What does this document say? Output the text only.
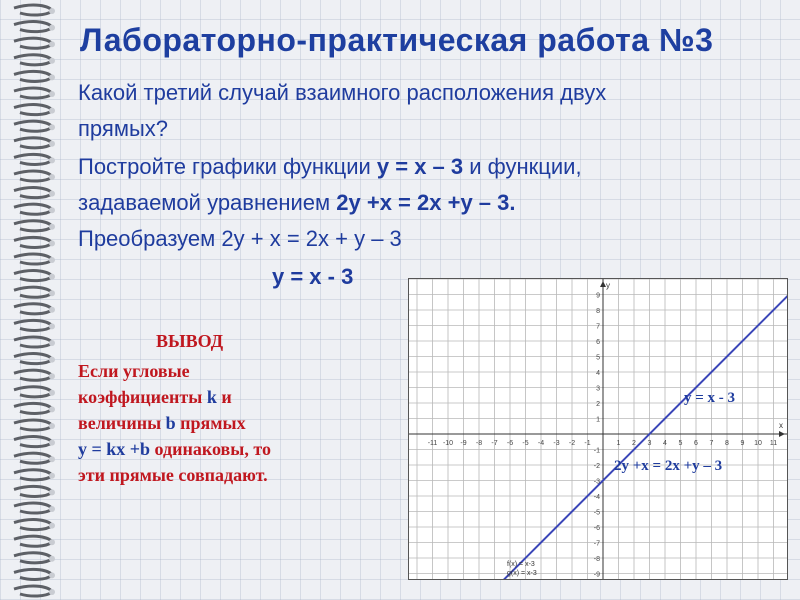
Лабораторно-практическая работа №3

Какой третий случай взаимного расположения двух

прямых?

Постройте графики функции у = х – 3 и функции,

задаваемой уравнением 2у +х = 2х +у – 3.

Преобразуем 2у + х = 2х + у – 3

у = х - 3

ВЫВОД
Если угловые
коэффициенты k и
величины b прямых
у = kx +b одинаковы, то
эти прямые совпадают.
x
y
-11 -10 -9 -8 -7 -6 -5 -4 -3 -2 -1	1 2 3 4 5 6 7 8 9 10 11
9
8
7
6
5
4
3
2
1
-1
-2
-3
-4
-5
-6
-7
-8
-9
f(x) = x-3
g(x) = x-3
y = x - 3
2у +х = 2х +у – 3
